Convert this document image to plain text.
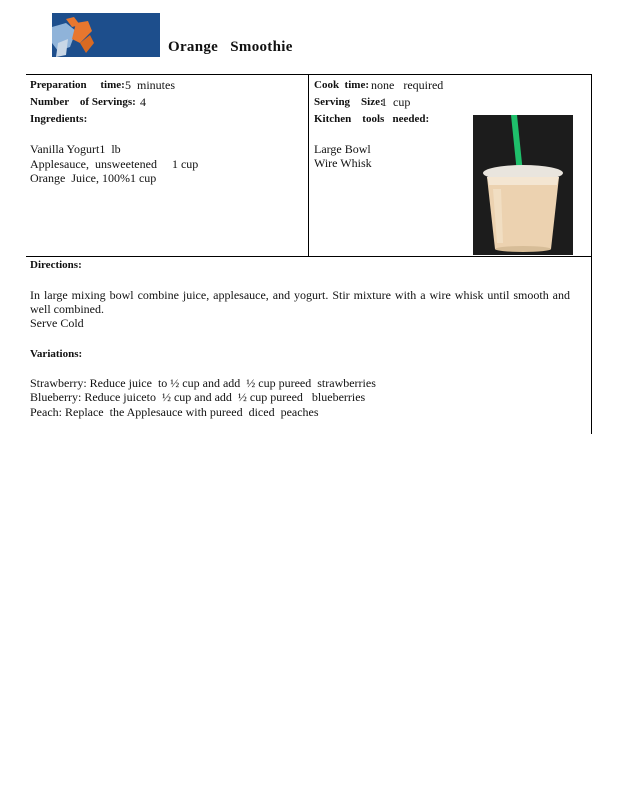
Orange   Smoothie
Preparation     time: 5  minutes
Number    of Servings: 4
Ingredients:
Vanilla Yogurt1  lb
Applesauce,  unsweetened     1 cup
Orange  Juice, 100%1 cup
Cook  time: none   required
Serving    Size:
1  cup
Kitchen    tools   needed:
Large Bowl
Wire Whisk
Directions:
In large mixing bowl combine juice, applesauce, and yogurt. Stir mixture with a wire whisk until smooth and well combined.
Serve Cold
Variations:
Strawberry: Reduce juice  to ½ cup and add  ½ cup pureed  strawberries
Blueberry: Reduce juiceto  ½ cup and add  ½ cup pureed   blueberries
Peach: Replace  the Applesauce with pureed  diced  peaches
